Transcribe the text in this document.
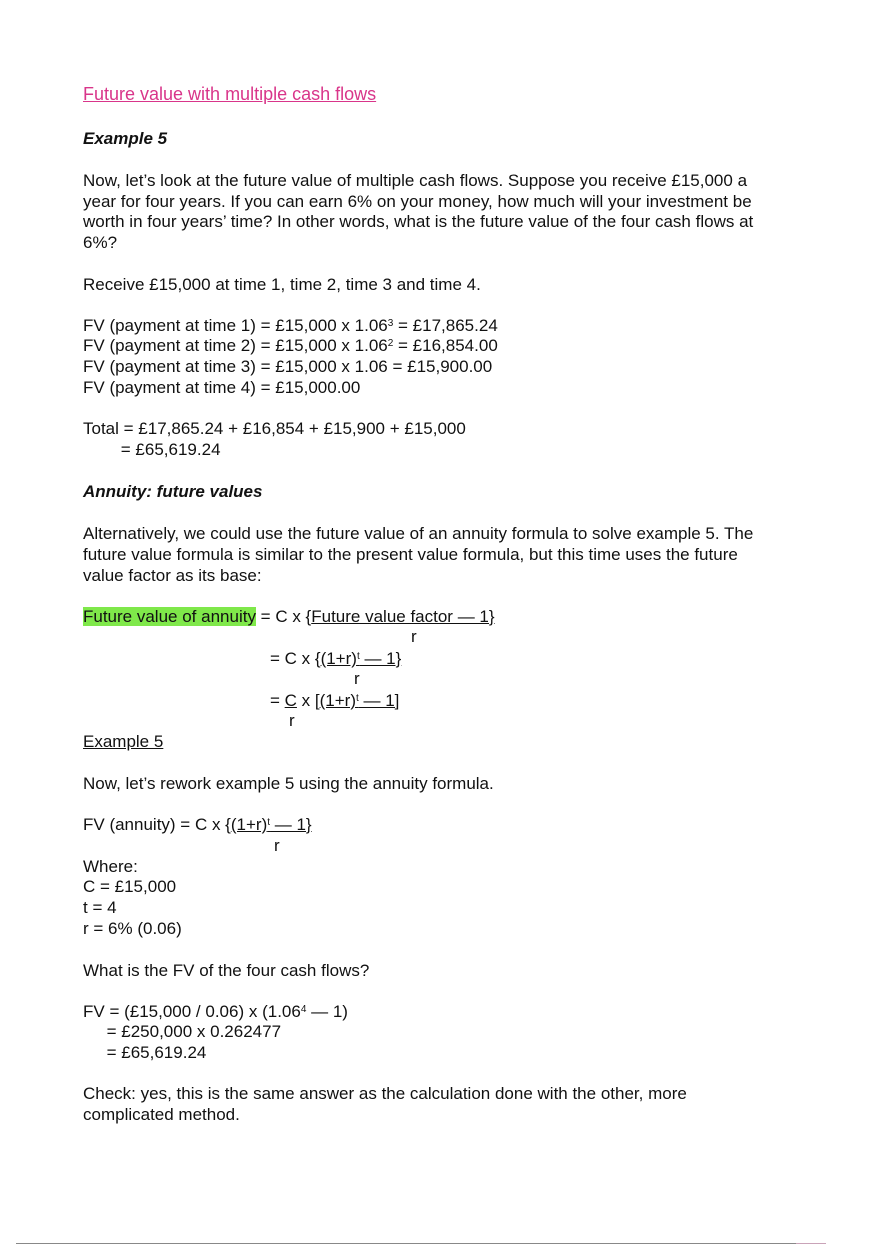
Future value with multiple cash flows
Example 5
Now, let’s look at the future value of multiple cash flows. Suppose you receive £15,000 a
year for four years. If you can earn 6% on your money, how much will your investment be
worth in four years’ time? In other words, what is the future value of the four cash flows at
6%?
Receive £15,000 at time 1, time 2, time 3 and time 4.
FV (payment at time 1) = £15,000 x $1.06^3$ = £17,865.24
FV (payment at time 2) = £15,000 x $1.06^2$ = £16,854.00
FV (payment at time 3) = £15,000 x 1.06 = £15,900.00
FV (payment at time 4) = £15,000.00
Total = £17,865.24 + £16,854 + £15,900 + £15,000
= £65,619.24
Annuity: future values
Alternatively, we could use the future value of an annuity formula to solve example 5. The
future value formula is similar to the present value formula, but this time uses the future
value factor as its base:
Future value of annuity = C x {Future value factor — 1}
r
= C x {$(1+r)^t$ — 1}
r
= C x [$(1+r)^t$ — 1]
r
Example 5
Now, let’s rework example 5 using the annuity formula.
FV (annuity) = C x {$(1+r)^t$ — 1}
r
Where:
C = £15,000
t = 4
r = 6% (0.06)
What is the FV of the four cash flows?
FV = (£15,000 / 0.06) x (1.06$^4$ — 1)
= £250,000 x 0.262477
= £65,619.24
Check: yes, this is the same answer as the calculation done with the other, more
complicated method.
